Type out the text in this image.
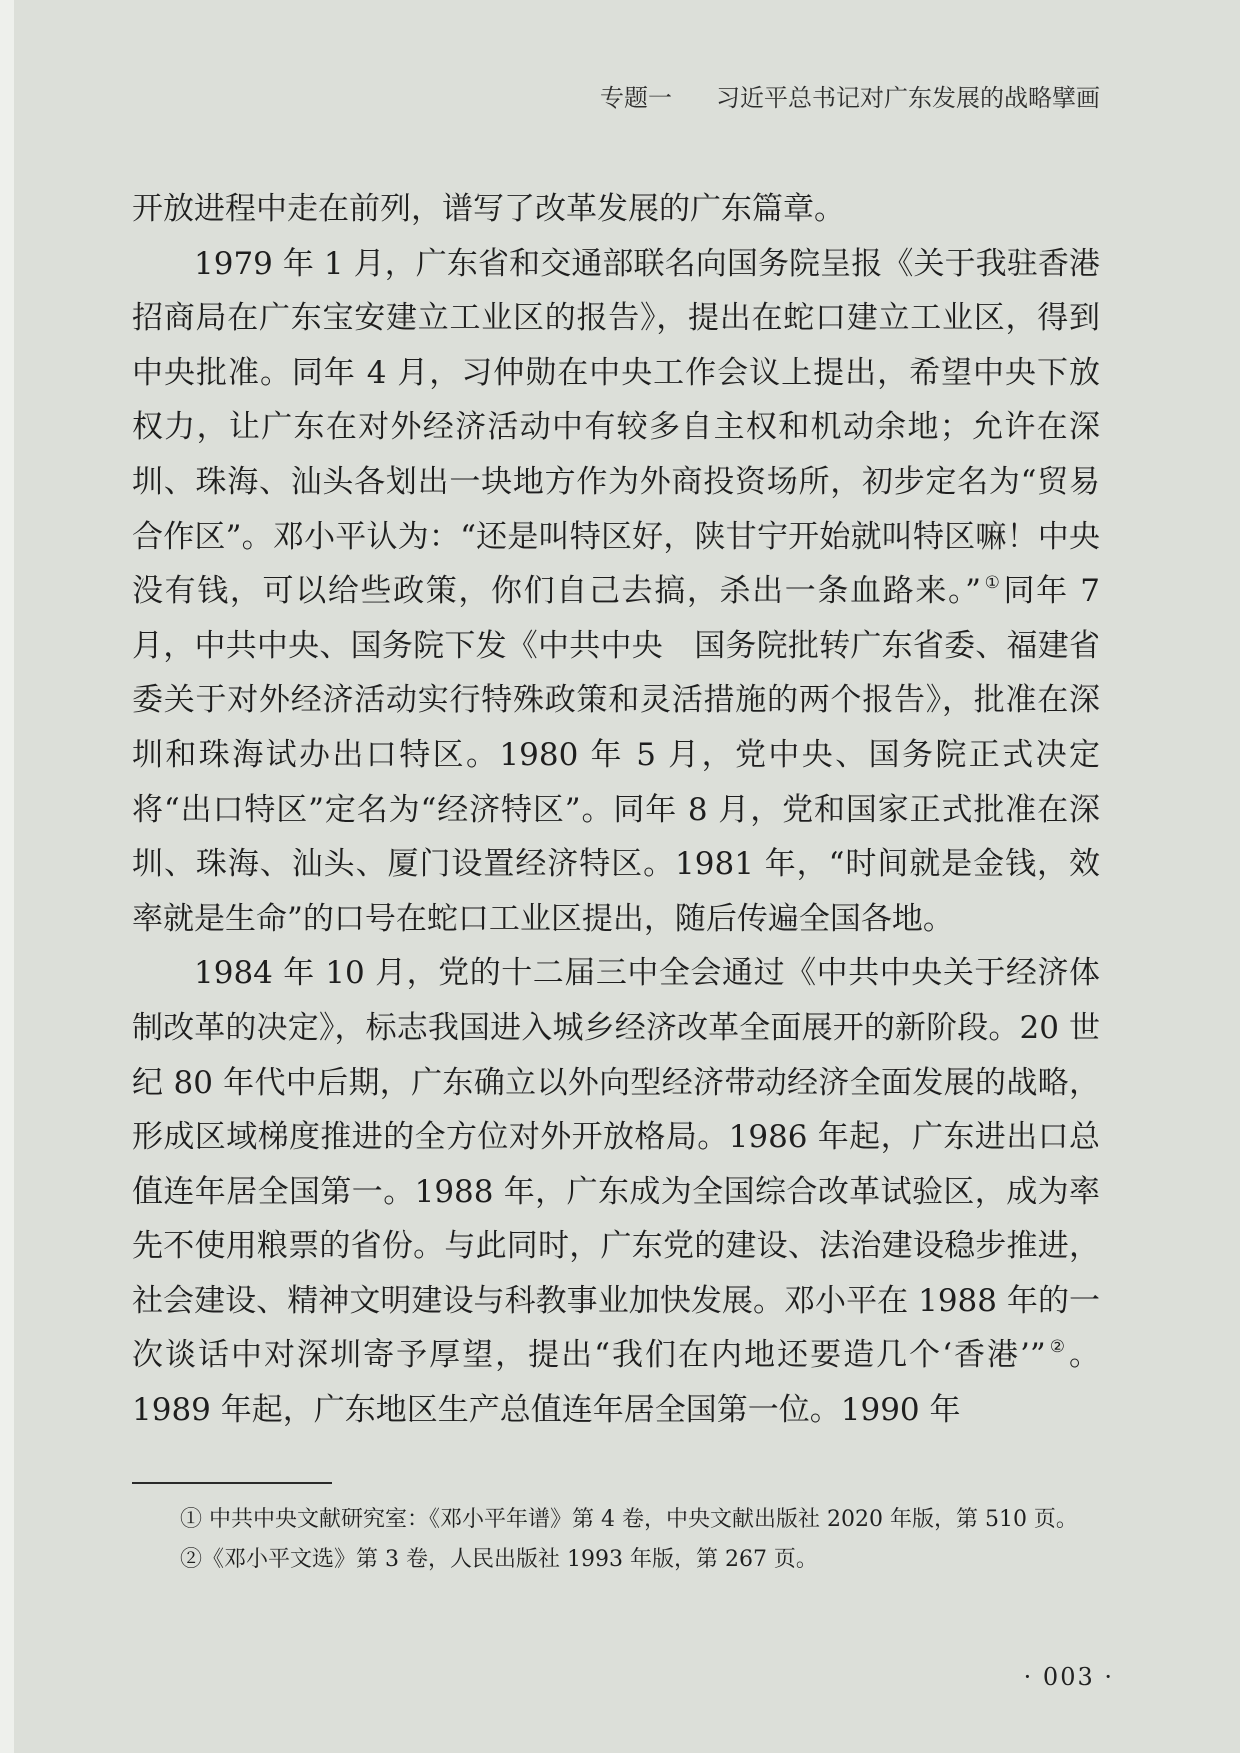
专题一 习近平总书记对广东发展的战略擘画

开放进程中走在前列，谱写了改革发展的广东篇章。

1979 年 1 月，广东省和交通部联名向国务院呈报《关于我驻香港招商局在广东宝安建立工业区的报告》，提出在蛇口建立工业区，得到中央批准。同年 4 月，习仲勋在中央工作会议上提出，希望中央下放权力，让广东在对外经济活动中有较多自主权和机动余地；允许在深圳、珠海、汕头各划出一块地方作为外商投资场所，初步定名为“贸易合作区”。邓小平认为：“还是叫特区好，陕甘宁开始就叫特区嘛！中央没有钱，可以给些政策，你们自己去搞，杀出一条血路来。” ①同年 7 月，中共中央、国务院下发《中共中央　国务院批转广东省委、福建省委关于对外经济活动实行特殊政策和灵活措施的两个报告》，批准在深圳和珠海试办出口特区。1980 年 5 月，党中央、国务院正式决定将“出口特区”定名为“经济特区”。同年 8 月，党和国家正式批准在深圳、珠海、汕头、厦门设置经济特区。1981 年，“时间就是金钱，效率就是生命”的口号在蛇口工业区提出，随后传遍全国各地。

1984 年 10 月，党的十二届三中全会通过《中共中央关于经济体制改革的决定》，标志我国进入城乡经济改革全面展开的新阶段。20 世纪 80 年代中后期，广东确立以外向型经济带动经济全面发展的战略，形成区域梯度推进的全方位对外开放格局。1986 年起，广东进出口总值连年居全国第一。1988 年，广东成为全国综合改革试验区，成为率先不使用粮票的省份。与此同时，广东党的建设、法治建设稳步推进，社会建设、精神文明建设与科教事业加快发展。邓小平在 1988 年的一次谈话中对深圳寄予厚望，提出“我们在内地还要造几个‘香港’” ②。1989 年起，广东地区生产总值连年居全国第一位。1990 年

① 中共中央文献研究室：《邓小平年谱》第 4 卷，中央文献出版社 2020 年版，第 510 页。

②《邓小平文选》第 3 卷，人民出版社 1993 年版，第 267 页。

· 003 ·
